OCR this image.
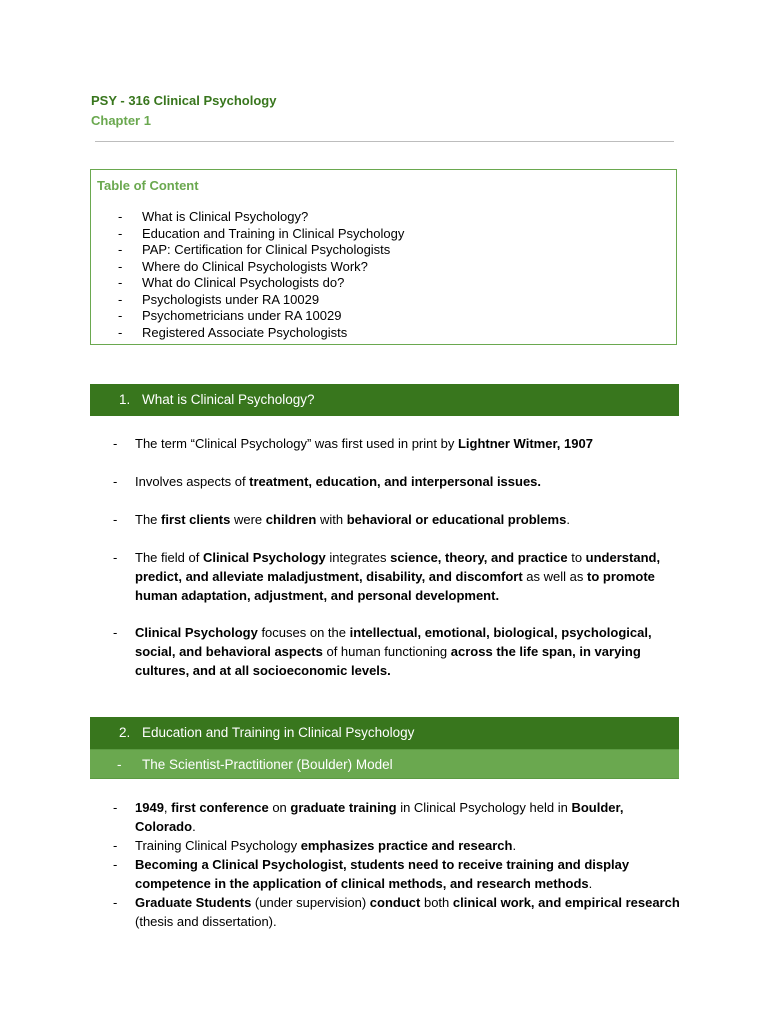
PSY - 316 Clinical Psychology
Chapter 1
Table of Content
- What is Clinical Psychology?
- Education and Training in Clinical Psychology
- PAP: Certification for Clinical Psychologists
- Where do Clinical Psychologists Work?
- What do Clinical Psychologists do?
- Psychologists under RA 10029
- Psychometricians under RA 10029
- Registered Associate Psychologists
1. What is Clinical Psychology?
- The term “Clinical Psychology” was first used in print by Lightner Witmer, 1907
- Involves aspects of treatment, education, and interpersonal issues.
- The first clients were children with behavioral or educational problems.
- The field of Clinical Psychology integrates science, theory, and practice to understand, predict, and alleviate maladjustment, disability, and discomfort as well as to promote human adaptation, adjustment, and personal development.
- Clinical Psychology focuses on the intellectual, emotional, biological, psychological, social, and behavioral aspects of human functioning across the life span, in varying cultures, and at all socioeconomic levels.
2. Education and Training in Clinical Psychology
- The Scientist-Practitioner (Boulder) Model
- 1949, first conference on graduate training in Clinical Psychology held in Boulder, Colorado.
- Training Clinical Psychology emphasizes practice and research.
- Becoming a Clinical Psychologist, students need to receive training and display competence in the application of clinical methods, and research methods.
- Graduate Students (under supervision) conduct both clinical work, and empirical research (thesis and dissertation).
